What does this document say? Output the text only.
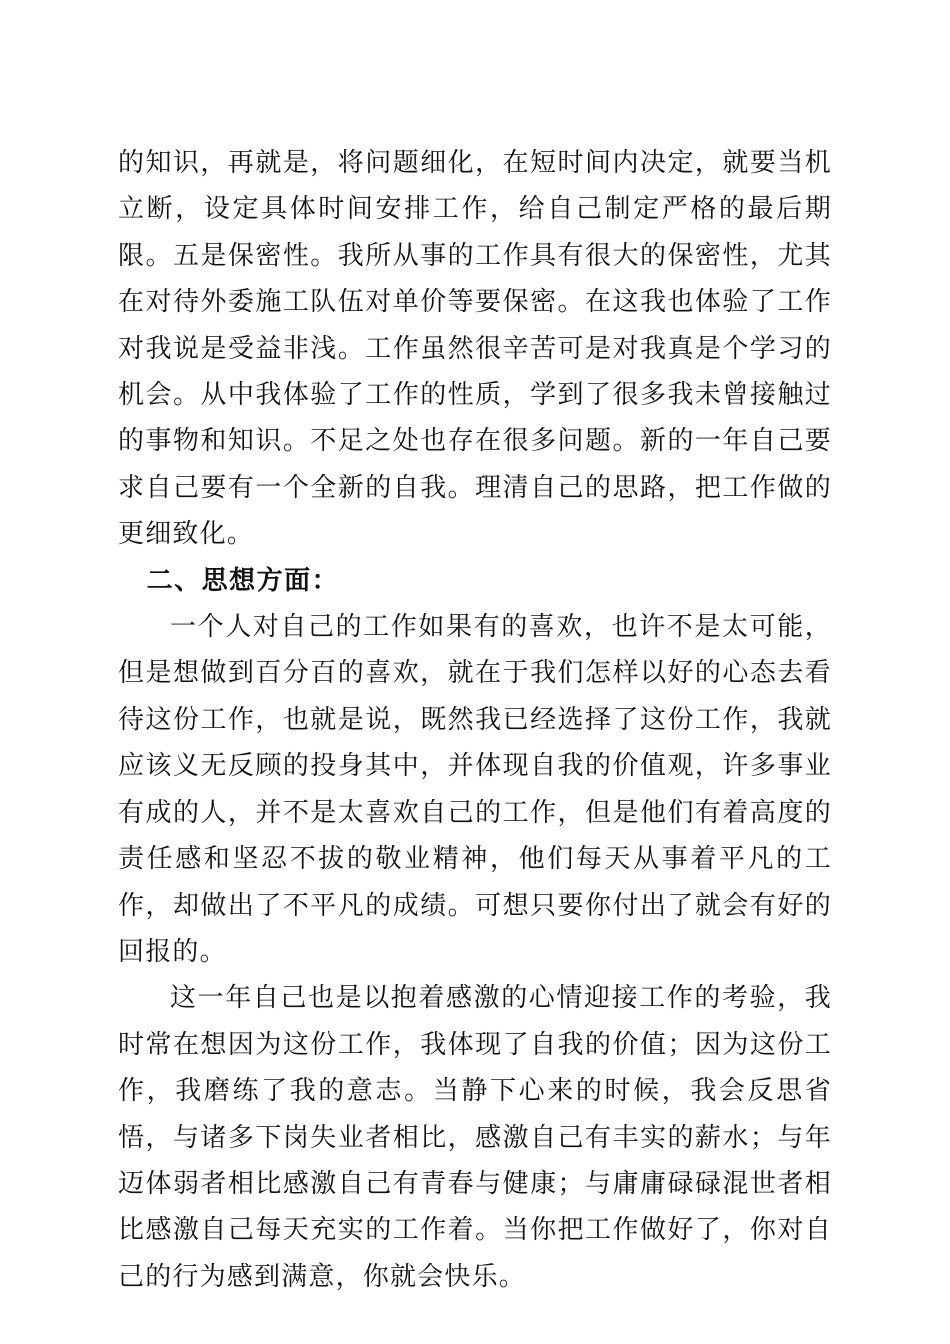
的知识，再就是，将问题细化，在短时间内决定，就要当机立断，设定具体时间安排工作，给自己制定严格的最后期限。五是保密性。我所从事的工作具有很大的保密性，尤其在对待外委施工队伍对单价等要保密。在这我也体验了工作对我说是受益非浅。工作虽然很辛苦可是对我真是个学习的机会。从中我体验了工作的性质，学到了很多我未曾接触过的事物和知识。不足之处也存在很多问题。新的一年自己要求自己要有一个全新的自我。理清自己的思路，把工作做的更细致化。

二、思想方面：

一个人对自己的工作如果有的喜欢，也许不是太可能，但是想做到百分百的喜欢，就在于我们怎样以好的心态去看待这份工作，也就是说，既然我已经选择了这份工作，我就应该义无反顾的投身其中，并体现自我的价值观，许多事业有成的人，并不是太喜欢自己的工作，但是他们有着高度的责任感和坚忍不拔的敬业精神，他们每天从事着平凡的工作，却做出了不平凡的成绩。可想只要你付出了就会有好的回报的。

这一年自己也是以抱着感激的心情迎接工作的考验，我时常在想因为这份工作，我体现了自我的价值；因为这份工作，我磨练了我的意志。当静下心来的时候，我会反思省悟，与诸多下岗失业者相比，感激自己有丰实的薪水；与年迈体弱者相比感激自己有青春与健康；与庸庸碌碌混世者相比感激自己每天充实的工作着。当你把工作做好了，你对自己的行为感到满意，你就会快乐。
